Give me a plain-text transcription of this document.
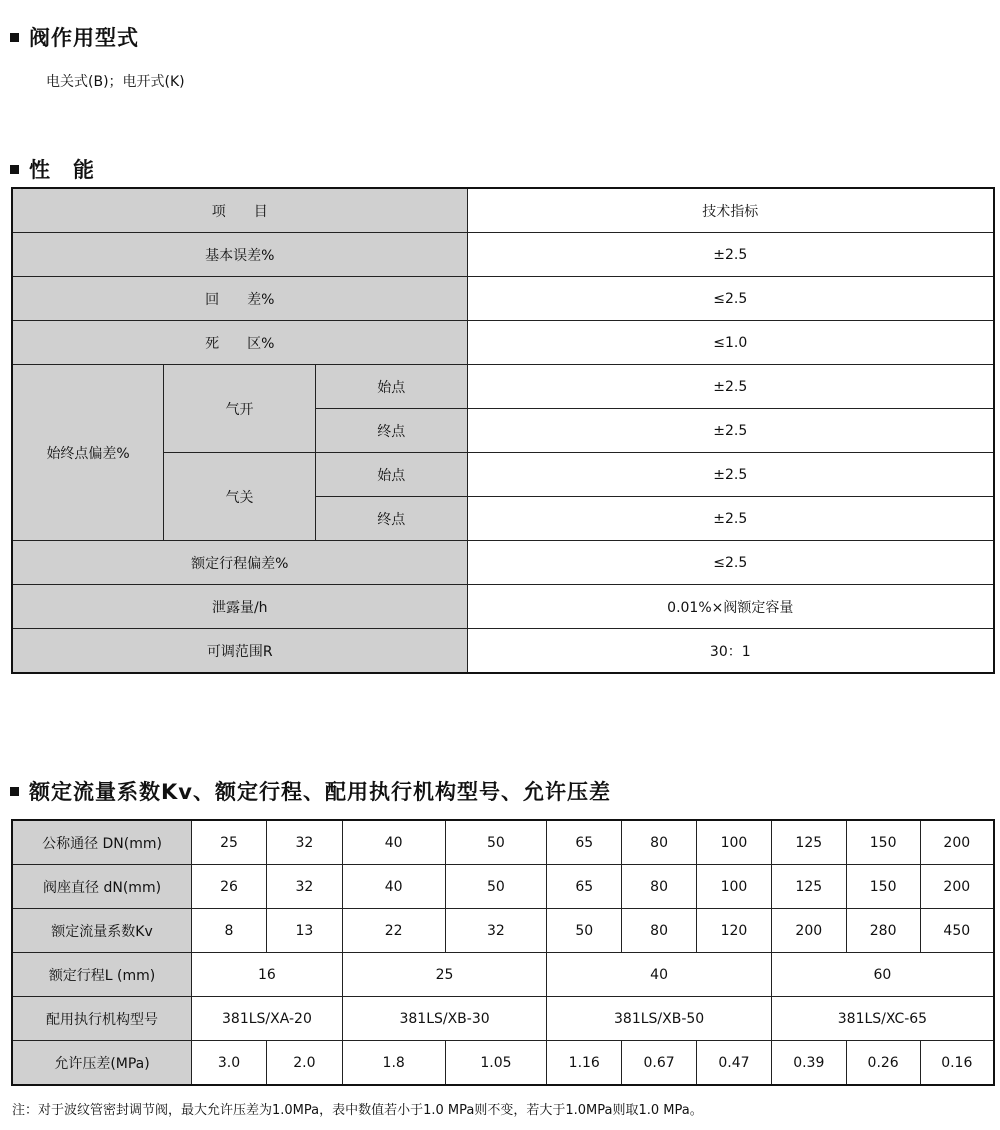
阀作用型式
电关式(B)；电开式(K)
性　能
项　　目			技术指标
基本误差%			±2.5
回　　差%			≤2.5
死　　区%			≤1.0
始终点偏差%	气开	始点	±2.5
		终点	±2.5
	气关	始点	±2.5
		终点	±2.5
额定行程偏差%			≤2.5
泄露量/h			0.01%×阀额定容量
可调范围R			30：1
额定流量系数Kv、额定行程、配用执行机构型号、允许压差
公称通径 DN(mm)	25	32	40	50	65	80	100	125	150	200
阀座直径 dN(mm)	26	32	40	50	65	80	100	125	150	200
额定流量系数Kv	8	13	22	32	50	80	120	200	280	450
额定行程L (mm)	16		25		40			60		
配用执行机构型号	381LS/XA-20		381LS/XB-30		381LS/XB-50			381LS/XC-65		
允许压差(MPa)	3.0	2.0	1.8	1.05	1.16	0.67	0.47	0.39	0.26	0.16
注：对于波纹管密封调节阀，最大允许压差为1.0MPa，表中数值若小于1.0 MPa则不变，若大于1.0MPa则取1.0 MPa。
